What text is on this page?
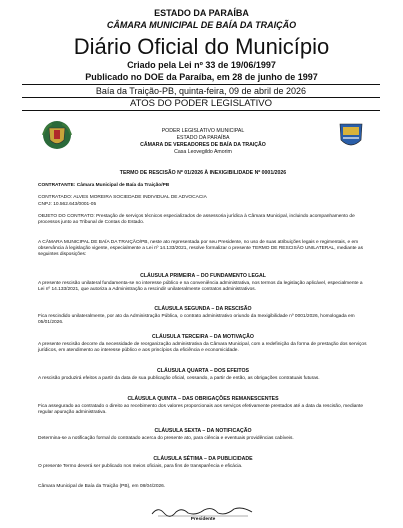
ESTADO DA PARAÍBA
CÂMARA MUNICIPAL DE BAÍA DA TRAIÇÃO
Diário Oficial do Município
Criado pela Lei nº 33 de 19/06/1997
Publicado no DOE da Paraíba, em 28 de junho de 1997
Baía da Traição-PB, quinta-feira, 09 de abril de 2026
ATOS DO PODER LEGISLATIVO
PODER LEGISLATIVO MUNICIPAL
ESTADO DA PARAÍBA
CÂMARA DE VEREADORES DE BAÍA DA TRAIÇÃO
Casa Leovegildo Amorim
TERMO DE RESCISÃO Nº 01/2026 À INEXIGIBILIDADE Nº 0001/2026
CONTRATANTE: Câmara Municipal de Baía da Traição/PB
CONTRATADO: ALVES MOREIRA SOCIEDADE INDIVIDUAL DE ADVOCACIA
CNPJ: 10.562.643/0001-05
OBJETO DO CONTRATO: Prestação de serviços técnicos especializados de assessoria jurídica à Câmara Municipal, incluindo acompanhamento de processos junto ao Tribunal de Contas do Estado.
A CÂMARA MUNICIPAL DE BAÍA DA TRAIÇÃO/PB, neste ato representada por seu Presidente, no uso de suas atribuições legais e regimentais, e em observância à legislação vigente, especialmente a Lei nº 14.133/2021, resolve formalizar o presente TERMO DE RESCISÃO UNILATERAL, mediante as seguintes disposições:
CLÁUSULA PRIMEIRA – DO FUNDAMENTO LEGAL
A presente rescisão unilateral fundamenta-se no interesse público e na conveniência administrativa, nos termos da legislação aplicável, especialmente a Lei nº 14.133/2021, que autoriza a Administração a rescindir unilateralmente contratos administrativos.
CLÁUSULA SEGUNDA – DA RESCISÃO
Fica rescindido unilateralmente, por ato da Administração Pública, o contrato administrativo oriundo da Inexigibilidade nº 0001/2026, homologada em 05/01/2026.
CLÁUSULA TERCEIRA – DA MOTIVAÇÃO
A presente rescisão decorre da necessidade de reorganização administrativa da Câmara Municipal, com a redefinição da forma de prestação dos serviços jurídicos, em atendimento ao interesse público e aos princípios da eficiência e economicidade.
CLÁUSULA QUARTA – DOS EFEITOS
A rescisão produzirá efeitos a partir da data de sua publicação oficial, cessando, a partir de então, as obrigações contratuais futuras.
CLÁUSULA QUINTA – DAS OBRIGAÇÕES REMANESCENTES
Fica assegurado ao contratado o direito ao recebimento dos valores proporcionais aos serviços efetivamente prestados até a data da rescisão, mediante regular apuração administrativa.
CLÁUSULA SEXTA – DA NOTIFICAÇÃO
Determina-se a notificação formal do contratado acerca do presente ato, para ciência e eventuais providências cabíveis.
CLÁUSULA SÉTIMA – DA PUBLICIDADE
O presente Termo deverá ser publicado nos meios oficiais, para fins de transparência e eficácia.
Câmara Municipal de Baía da Traição (PB), em 08/04/2026.
Presidente
